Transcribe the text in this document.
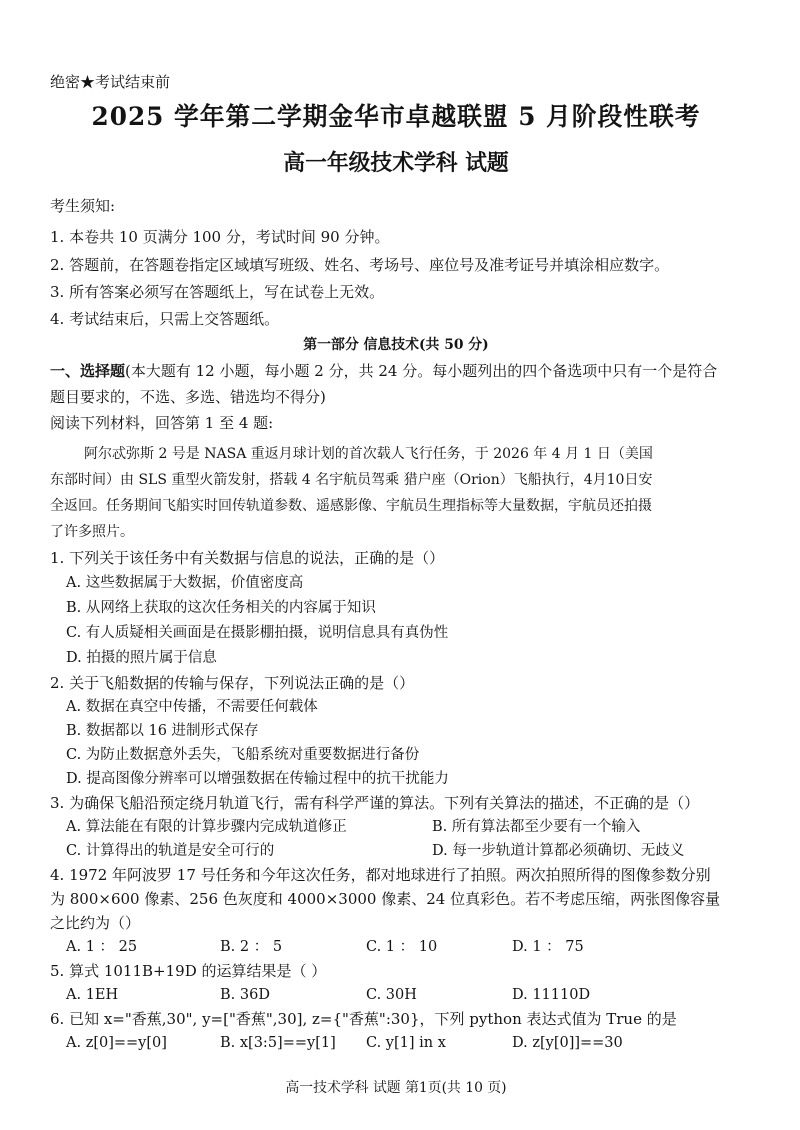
绝密★考试结束前
2025 学年第二学期金华市卓越联盟 5 月阶段性联考
高一年级技术学科 试题
考生须知:
1. 本卷共 10 页满分 100 分，考试时间 90 分钟。
2. 答题前，在答题卷指定区域填写班级、姓名、考场号、座位号及准考证号并填涂相应数字。
3. 所有答案必须写在答题纸上，写在试卷上无效。
4. 考试结束后，只需上交答题纸。
第一部分 信息技术(共 50 分)
一、选择题(本大题有 12 小题，每小题 2 分，共 24 分。每小题列出的四个备选项中只有一个是符合
题目要求的，不选、多选、错选均不得分)
阅读下列材料，回答第 1 至 4 题:
阿尔忒弥斯 2 号是 NASA 重返月球计划的首次载人飞行任务，于 2026 年 4 月 1 日（美国
东部时间）由 SLS 重型火箭发射，搭载 4 名宇航员驾乘 猎户座（Orion）飞船执行，4月10日安
全返回。任务期间飞船实时回传轨道参数、遥感影像、宇航员生理指标等大量数据，宇航员还拍摄
了许多照片。
1. 下列关于该任务中有关数据与信息的说法，正确的是（）
A. 这些数据属于大数据，价值密度高
B. 从网络上获取的这次任务相关的内容属于知识
C. 有人质疑相关画面是在摄影棚拍摄，说明信息具有真伪性
D. 拍摄的照片属于信息
2. 关于飞船数据的传输与保存，下列说法正确的是（）
A. 数据在真空中传播，不需要任何载体
B. 数据都以 16 进制形式保存
C. 为防止数据意外丢失，飞船系统对重要数据进行备份
D. 提高图像分辨率可以增强数据在传输过程中的抗干扰能力
3. 为确保飞船沿预定绕月轨道飞行，需有科学严谨的算法。下列有关算法的描述，不正确的是（）
A. 算法能在有限的计算步骤内完成轨道修正	B. 所有算法都至少要有一个输入
C. 计算得出的轨道是安全可行的	D. 每一步轨道计算都必须确切、无歧义
4. 1972 年阿波罗 17 号任务和今年这次任务，都对地球进行了拍照。两次拍照所得的图像参数分别
为 800×600 像素、256 色灰度和 4000×3000 像素、24 位真彩色。若不考虑压缩，两张图像容量
之比约为（）
A. 1 ： 25	B. 2 ： 5	C. 1 ： 10	D. 1 ： 75
5. 算式 1011B+19D 的运算结果是（ ）
A. 1EH	B. 36D	C. 30H	D. 11110D
6. 已知 x="香蕉,30", y=["香蕉",30], z={"香蕉":30}，下列 python 表达式值为 True 的是
A. z[0]==y[0]	B. x[3:5]==y[1] C. y[1] in x	D. z[y[0]]==30
高一技术学科 试题 第1页(共 10 页)
